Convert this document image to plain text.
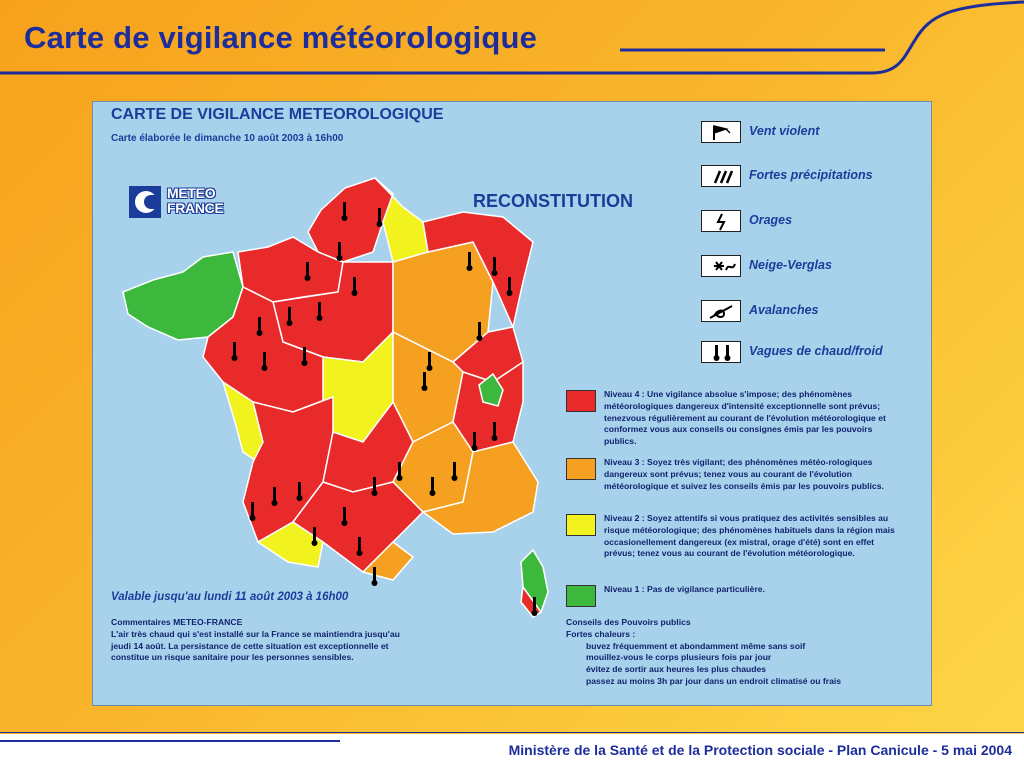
Carte de vigilance météorologique
CARTE DE VIGILANCE METEOROLOGIQUE
Carte élaborée le dimanche 10 août 2003 à 16h00
METEO FRANCE	RECONSTITUTION
Vent violent
Fortes précipitations
Orages
Neige-Verglas
Avalanches
Vagues de chaud/froid
Niveau 4 : Une vigilance absolue s'impose; des phénomènes météorologiques dangereux d'intensité exceptionnelle sont prévus; tenezvous régulièrement au courant de l'évolution météorologique et conformez vous aux conseils ou consignes émis par les pouvoirs publics.
Niveau 3 : Soyez très vigilant; des phénomènes météo-rologiques dangereux sont prévus; tenez vous au courant de l'évolution météorologique et suivez les conseils émis par les pouvoirs publics.
Niveau 2 : Soyez attentifs si vous pratiquez des activités sensibles au risque météorologique; des phénomènes habituels dans la région mais occasionellement dangereux (ex mistral, orage d'été) sont en effet prévus; tenez vous au courant de l'évolution météorologique.
Niveau 1 : Pas de vigilance particulière.
Valable jusqu'au lundi 11 août 2003 à 16h00
Commentaires METEO-FRANCE
L'air très chaud qui s'est installé sur la France se maintiendra jusqu'au jeudi 14 août. La persistance de cette situation est exceptionnelle et constitue un risque sanitaire pour les personnes sensibles.
Conseils des Pouvoirs publics
Fortes chaleurs :
buvez fréquemment et abondamment même sans soif
mouillez-vous le corps plusieurs fois par jour
évitez de sortir aux heures les plus chaudes
passez au moins 3h par jour dans un endroit climatisé ou frais
Ministère de la Santé et de la Protection sociale - Plan Canicule - 5 mai 2004
